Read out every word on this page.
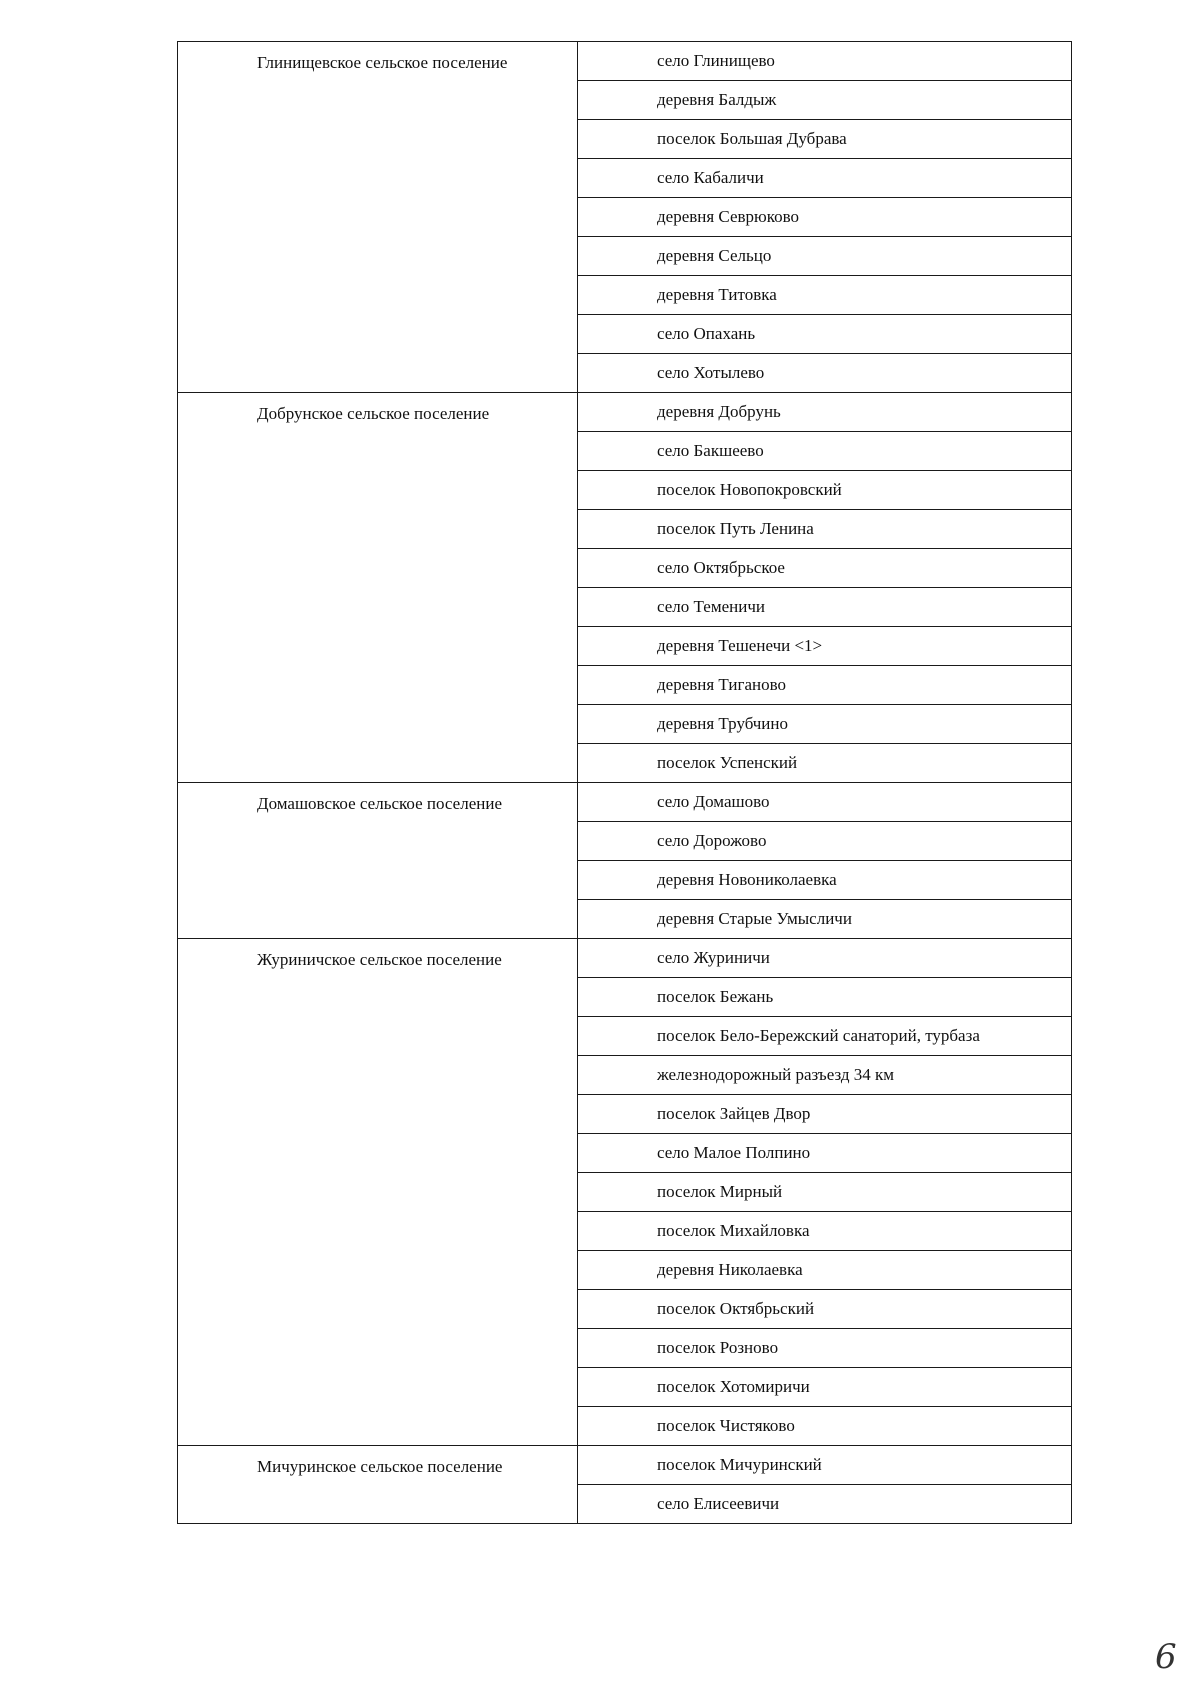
Глинищевское сельское поселение	село Глинищево
	деревня Балдыж
	поселок Большая Дубрава
	село Кабаличи
	деревня Севрюково
	деревня Сельцо
	деревня Титовка
	село Опахань
	село Хотылево
Добрунское сельское поселение	деревня Добрунь
	село Бакшеево
	поселок Новопокровский
	поселок Путь Ленина
	село Октябрьское
	село Теменичи
	деревня Тешенечи <1>
	деревня Тиганово
	деревня Трубчино
	поселок Успенский
Домашовское сельское поселение	село Домашово
	село Дорожово
	деревня Новониколаевка
	деревня Старые Умысличи
Журиничское сельское поселение	село Журиничи
	поселок Бежань
	поселок Бело-Бережский санаторий, турбаза
	железнодорожный разъезд 34 км
	поселок Зайцев Двор
	село Малое Полпино
	поселок Мирный
	поселок Михайловка
	деревня Николаевка
	поселок Октябрьский
	поселок Розново
	поселок Хотомиричи
	поселок Чистяково
Мичуринское сельское поселение	поселок Мичуринский
	село Елисеевичи
6
